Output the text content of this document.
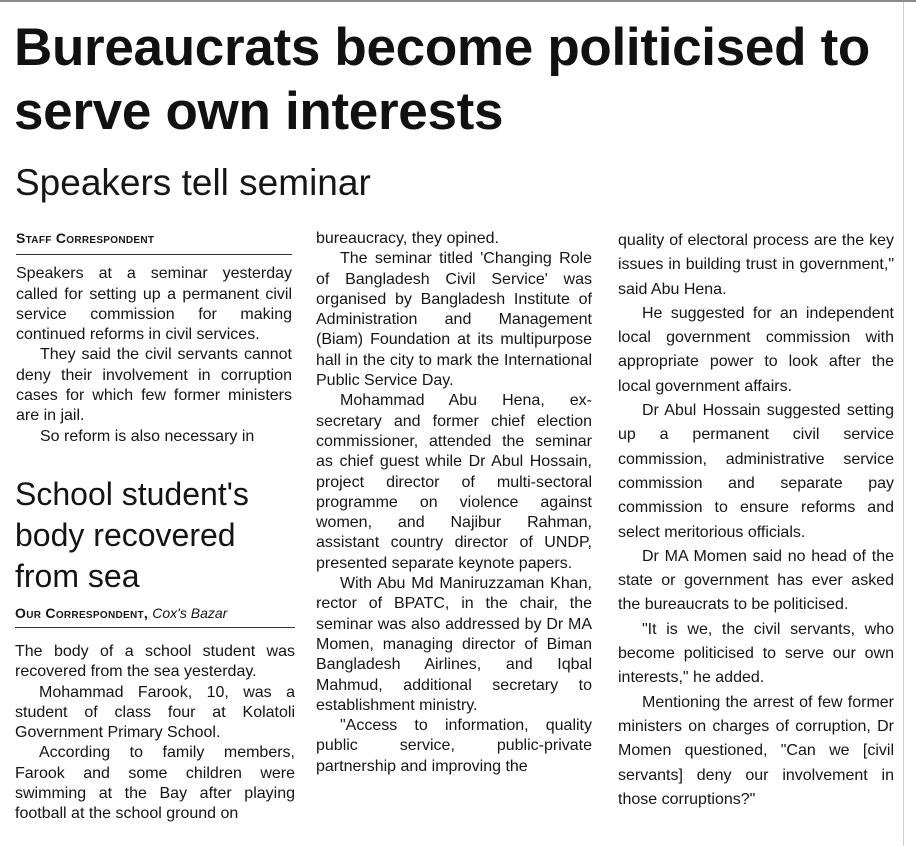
Bureaucrats become politicised to serve own interests
Speakers tell seminar
Staff Correspondent

Speakers at a seminar yesterday called for setting up a permanent civil service commission for making continued reforms in civil services.

They said the civil servants cannot deny their involvement in corruption cases for which few former ministers are in jail.

So reform is also necessary in

School student's body recovered from sea
Our Correspondent, Cox's Bazar

The body of a school student was recovered from the sea yesterday.

Mohammad Farook, 10, was a student of class four at Kolatoli Government Primary School.

According to family members, Farook and some children were swimming at the Bay after playing football at the school ground on

bureaucracy, they opined.

The seminar titled 'Changing Role of Bangladesh Civil Service' was organised by Bangladesh Institute of Administration and Management (Biam) Foundation at its multipurpose hall in the city to mark the International Public Service Day.

Mohammad Abu Hena, ex-secretary and former chief election commissioner, attended the seminar as chief guest while Dr Abul Hossain, project director of multi-sectoral programme on violence against women, and Najibur Rahman, assistant country director of UNDP, presented separate keynote papers.

With Abu Md Maniruzzaman Khan, rector of BPATC, in the chair, the seminar was also addressed by Dr MA Momen, managing director of Biman Bangladesh Airlines, and Iqbal Mahmud, additional secretary to establishment ministry.

"Access to information, quality public service, public-private partnership and improving the

quality of electoral process are the key issues in building trust in government," said Abu Hena.

He suggested for an independent local government commission with appropriate power to look after the local government affairs.

Dr Abul Hossain suggested setting up a permanent civil service commission, administrative service commission and separate pay commission to ensure reforms and select meritorious officials.

Dr MA Momen said no head of the state or government has ever asked the bureaucrats to be politicised.

"It is we, the civil servants, who become politicised to serve our own interests," he added.

Mentioning the arrest of few former ministers on charges of corruption, Dr Momen questioned, "Can we [civil servants] deny our involvement in those corruptions?"
